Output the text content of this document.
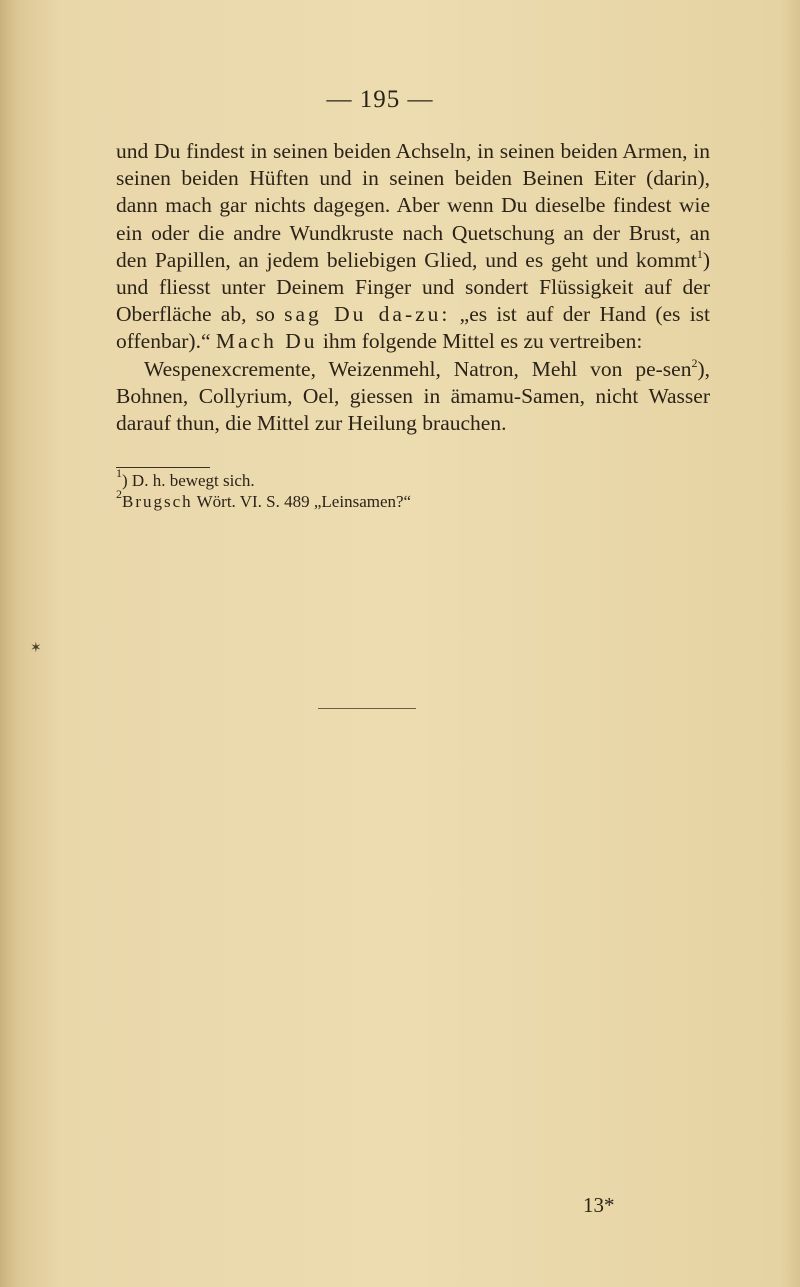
— 195 —

und Du findest in seinen beiden Achseln, in seinen beiden Armen, in seinen beiden Hüften und in seinen beiden Beinen Eiter (darin), dann mach gar nichts dagegen. Aber wenn Du dieselbe findest wie ein oder die andre Wundkruste nach Quetschung an der Brust, an den Papillen, an jedem beliebigen Glied, und es geht und kommt$^1$) und fliesst unter Deinem Finger und sondert Flüssigkeit auf der Oberfläche ab, so sag Du da-zu: „es ist auf der Hand (es ist offenbar).“ Mach Du ihm folgende Mittel es zu vertreiben:

Wespenexcremente, Weizenmehl, Natron, Mehl von pe-sen$^2$), Bohnen, Collyrium, Oel, giessen in ämamu-Samen, nicht Wasser darauf thun, die Mittel zur Heilung brauchen.

$^1$) D. h. bewegt sich.

$^2$Brugsch Wört. VI. S. 489 „Leinsamen?“

✶
13*
